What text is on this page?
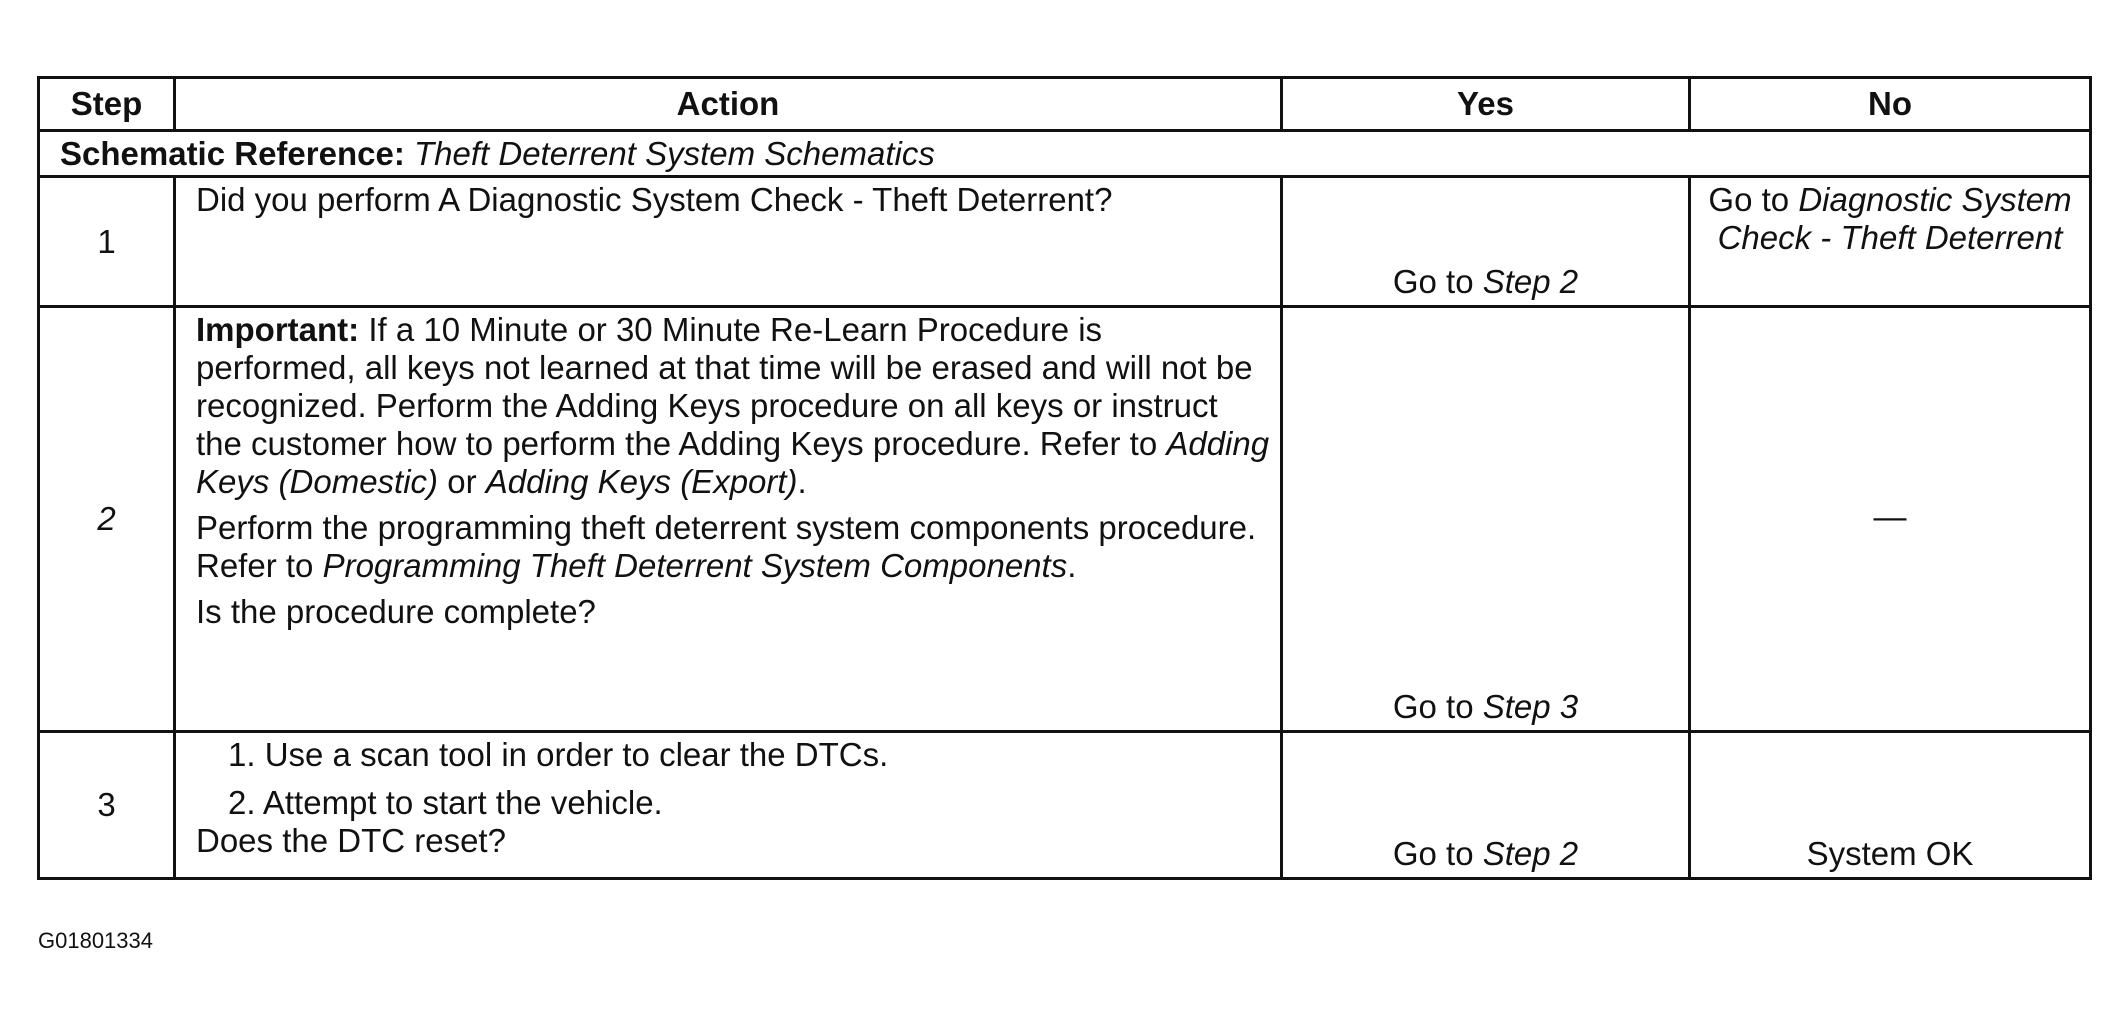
Step	Action	Yes	No
Schematic Reference: Theft Deterrent System Schematics			
1	Did you perform A Diagnostic System Check - Theft Deterrent?	Go to Step 2	Go to Diagnostic System Check - Theft Deterrent
2	Important: If a 10 Minute or 30 Minute Re-Learn Procedure is performed, all keys not learned at that time will be erased and will not be recognized. Perform the Adding Keys procedure on all keys or instruct the customer how to perform the Adding Keys procedure. Refer to Adding Keys (Domestic) or Adding Keys (Export).

Perform the programming theft deterrent system components procedure. Refer to Programming Theft Deterrent System Components.

Is the procedure complete?	Go to Step 3	—
3	1. Use a scan tool in order to clear the DTCs.
2. Attempt to start the vehicle.

Does the DTC reset?	Go to Step 2	System OK
G01801334
